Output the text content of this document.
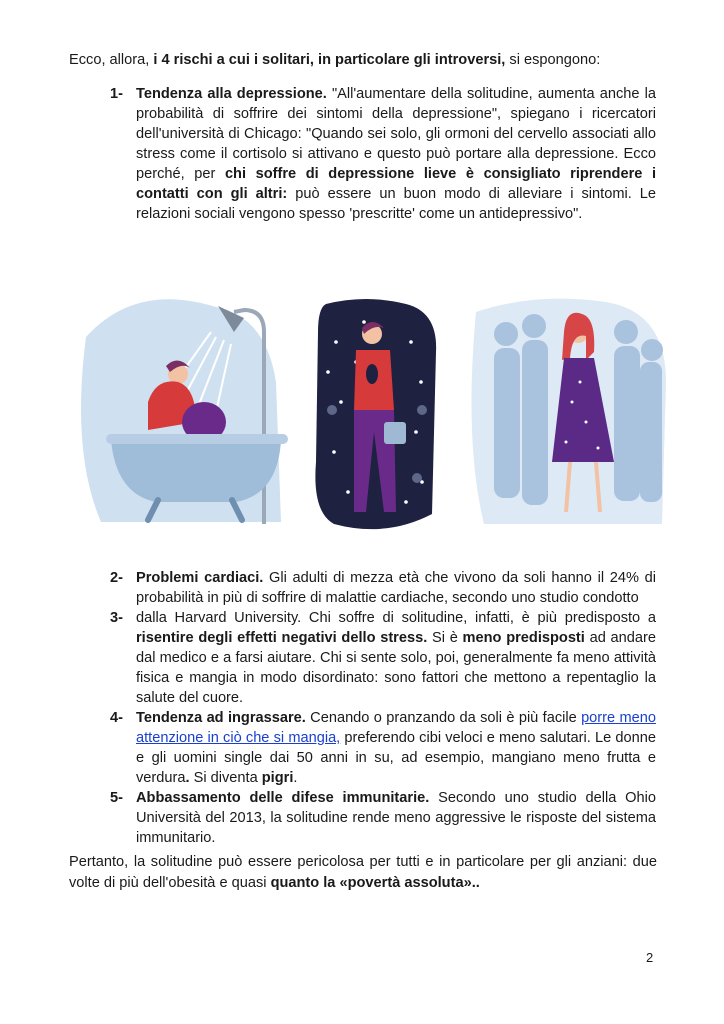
Ecco, allora, i 4 rischi a cui i solitari, in particolare gli introversi, si espongono:
1- Tendenza alla depressione. "All'aumentare della solitudine, aumenta anche la probabilità di soffrire dei sintomi della depressione", spiegano i ricercatori dell'università di Chicago: "Quando sei solo, gli ormoni del cervello associati allo stress come il cortisolo si attivano e questo può portare alla depressione. Ecco perché, per chi soffre di depressione lieve è consigliato riprendere i contatti con gli altri: può essere un buon modo di alleviare i sintomi. Le relazioni sociali vengono spesso 'prescritte' come un antidepressivo".
2- Problemi cardiaci. Gli adulti di mezza età che vivono da soli hanno il 24% di probabilità in più di soffrire di malattie cardiache, secondo uno studio condotto
3- dalla Harvard University. Chi soffre di solitudine, infatti, è più predisposto a risentire degli effetti negativi dello stress. Si è meno predisposti ad andare dal medico e a farsi aiutare. Chi si sente solo, poi, generalmente fa meno attività fisica e mangia in modo disordinato: sono fattori che mettono a repentaglio la salute del cuore.
4- Tendenza ad ingrassare. Cenando o pranzando da soli è più facile porre meno attenzione in ciò che si mangia, preferendo cibi veloci e meno salutari. Le donne e gli uomini single dai 50 anni in su, ad esempio, mangiano meno frutta e verdura. Si diventa pigri.
5- Abbassamento delle difese immunitarie. Secondo uno studio della Ohio Università del 2013, la solitudine rende meno aggressive le risposte del sistema immunitario.
Pertanto, la solitudine può essere pericolosa per tutti e in particolare per gli anziani: due volte di più dell'obesità e quasi quanto la «povertà assoluta»..
2
